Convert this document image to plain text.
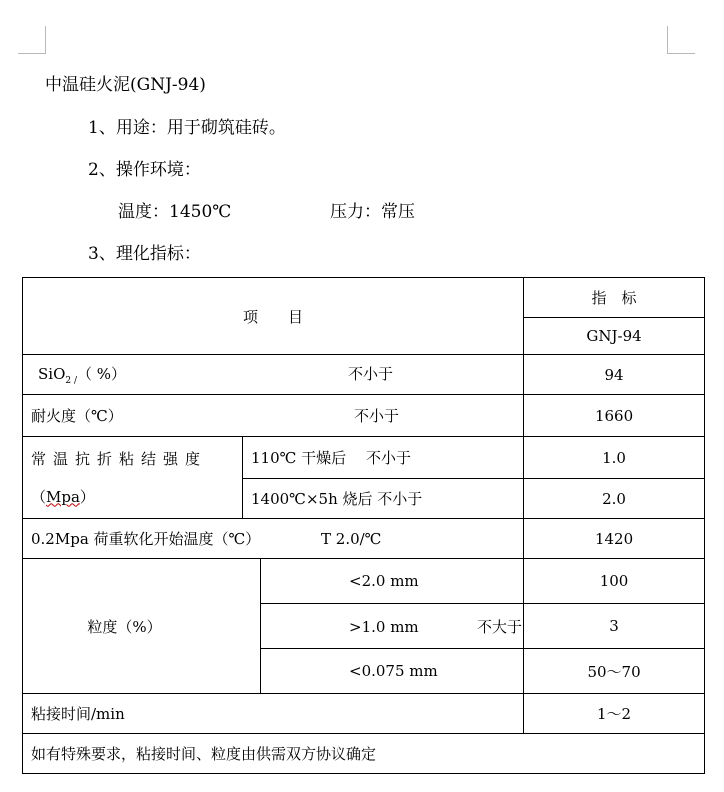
中温硅火泥(GNJ-94)
1、用途：用于砌筑硅砖。
2、操作环境：
温度：1450℃	压力：常压
3、理化指标：
项　　目			指　标
			GNJ-94
SiO$_{2 /}$（ %） 不小于			94
耐火度（℃） 不小于			1660

常温抗折粘结强度
（Mpa）	110℃ 干燥后　 不小于		1.0
	1400℃×5h 烧后 不小于		2.0
0.2Mpa 荷重软化开始温度（℃） T 2.0/℃			1420
粒度（%）		<2.0 mm	100
		>1.0 mm 不大于	3
		<0.075 mm	50～70
粘接时间/min			1～2
如有特殊要求，粘接时间、粒度由供需双方协议确定			
